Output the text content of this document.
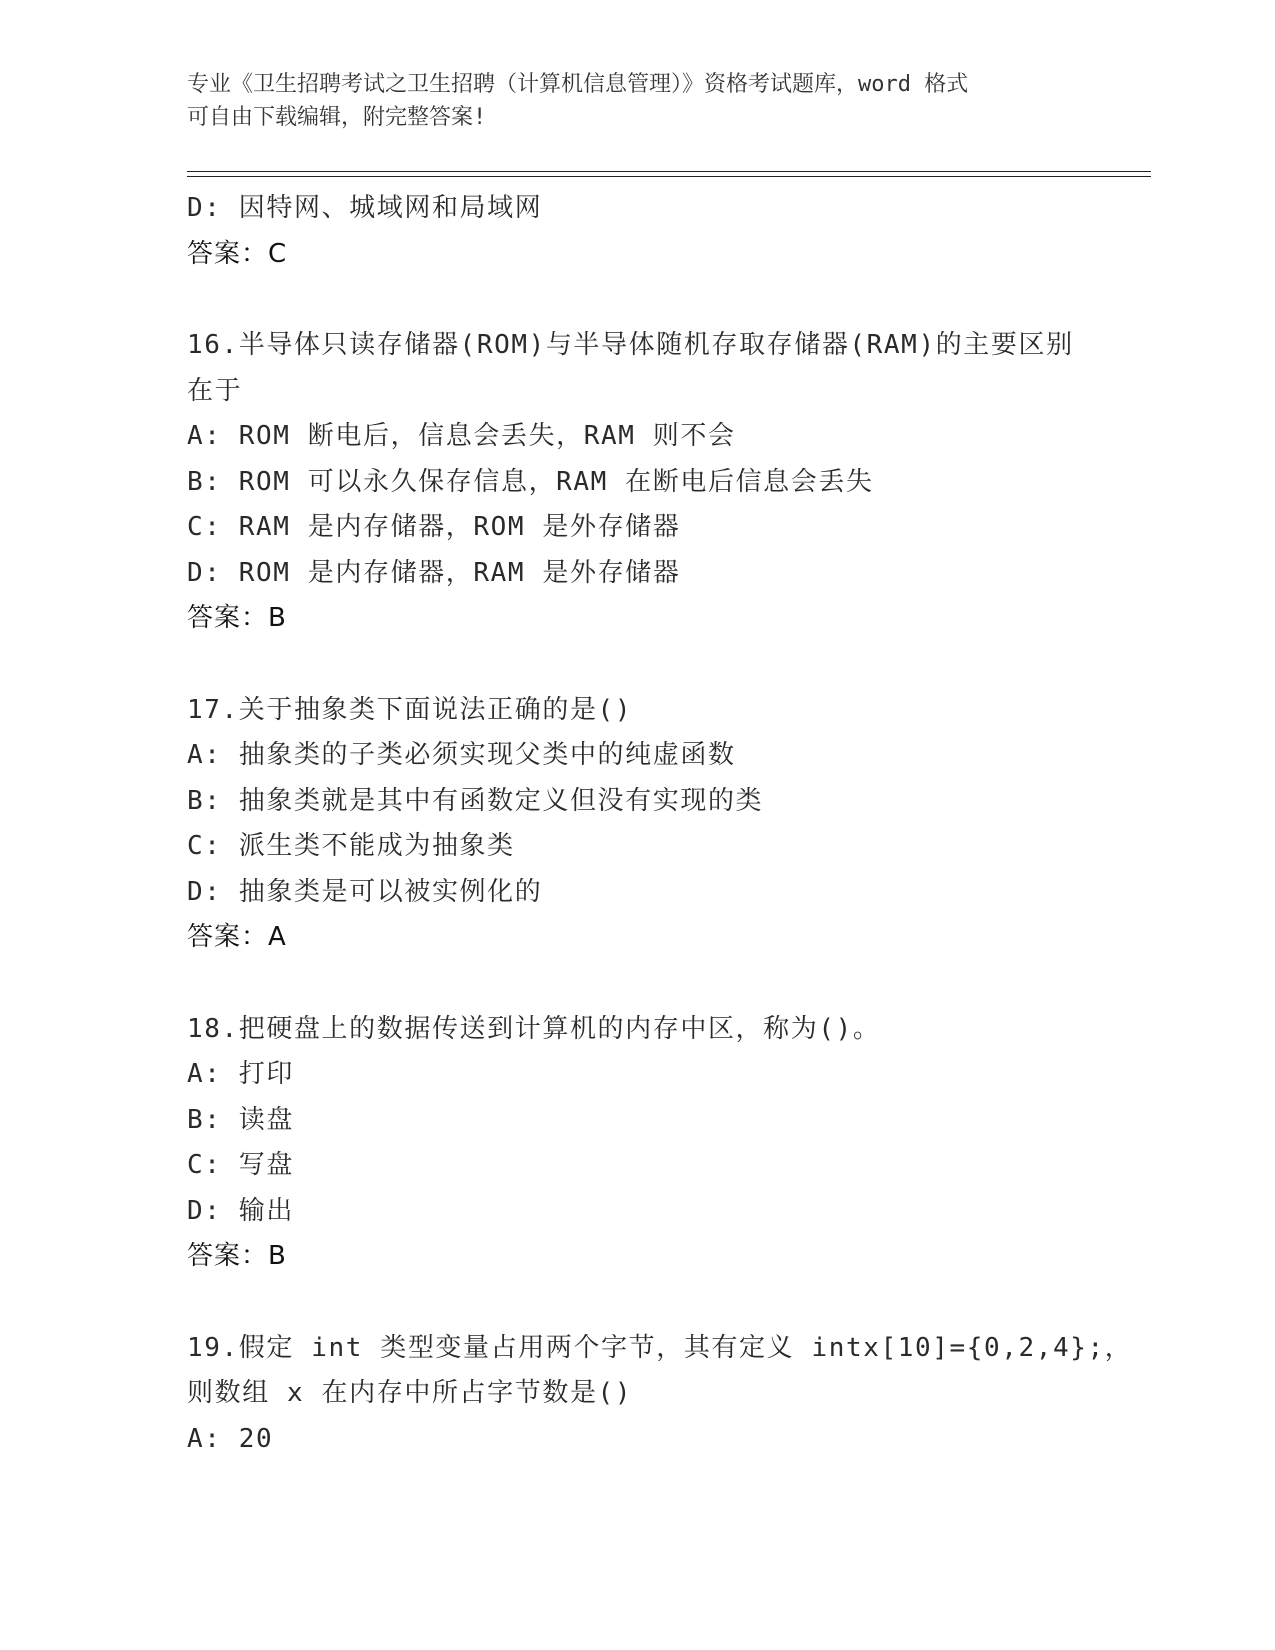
专业《卫生招聘考试之卫生招聘（计算机信息管理）》资格考试题库，word 格式
可自由下载编辑，附完整答案!
D: 因特网、城域网和局域网
答案：C
16.半导体只读存储器(ROM)与半导体随机存取存储器(RAM)的主要区别
在于
A: ROM 断电后，信息会丢失，RAM 则不会
B: ROM 可以永久保存信息，RAM 在断电后信息会丢失
C: RAM 是内存储器，ROM 是外存储器
D: ROM 是内存储器，RAM 是外存储器
答案：B
17.关于抽象类下面说法正确的是()
A: 抽象类的子类必须实现父类中的纯虚函数
B: 抽象类就是其中有函数定义但没有实现的类
C: 派生类不能成为抽象类
D: 抽象类是可以被实例化的
答案：A
18.把硬盘上的数据传送到计算机的内存中区，称为()。
A: 打印
B: 读盘
C: 写盘
D: 输出
答案：B
19.假定 int 类型变量占用两个字节，其有定义 intx[10]={0,2,4};，
则数组 x 在内存中所占字节数是()
A: 20
